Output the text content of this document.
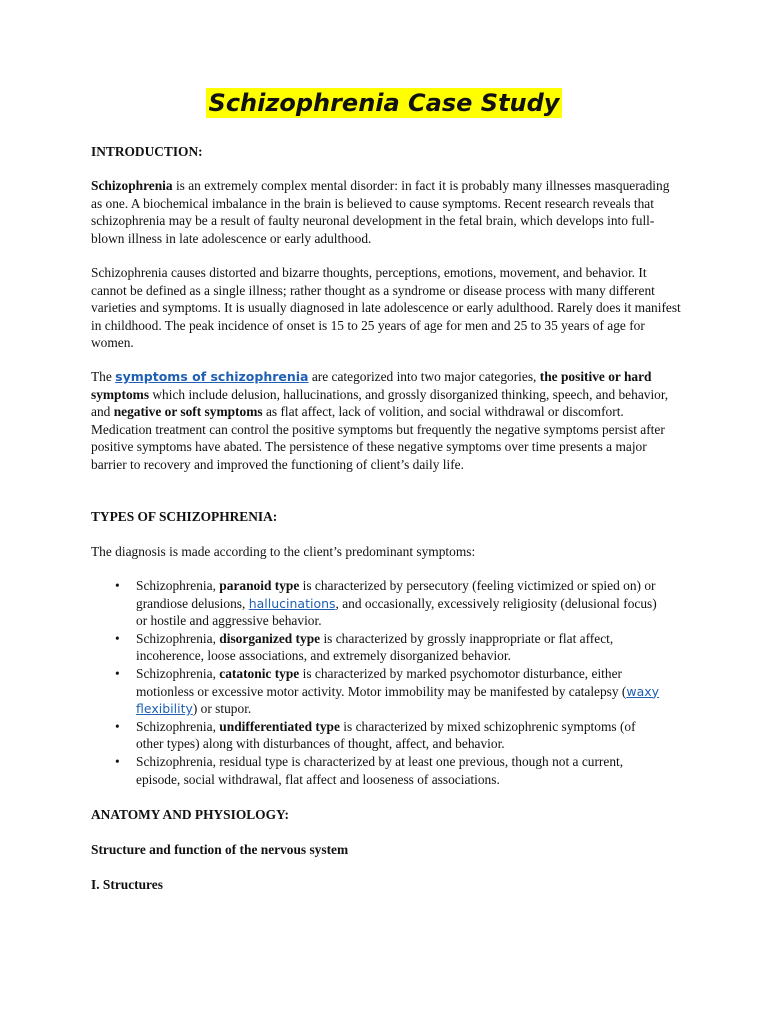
Schizophrenia Case Study
INTRODUCTION:

Schizophrenia is an extremely complex mental disorder: in fact it is probably many illnesses masquerading as one. A biochemical imbalance in the brain is believed to cause symptoms. Recent research reveals that schizophrenia may be a result of faulty neuronal development in the fetal brain, which develops into full-blown illness in late adolescence or early adulthood.

Schizophrenia causes distorted and bizarre thoughts, perceptions, emotions, movement, and behavior. It cannot be defined as a single illness; rather thought as a syndrome or disease process with many different varieties and symptoms. It is usually diagnosed in late adolescence or early adulthood. Rarely does it manifest in childhood. The peak incidence of onset is 15 to 25 years of age for men and 25 to 35 years of age for women.

The symptoms of schizophrenia are categorized into two major categories, the positive or hard symptoms which include delusion, hallucinations, and grossly disorganized thinking, speech, and behavior, and negative or soft symptoms as flat affect, lack of volition, and social withdrawal or discomfort. Medication treatment can control the positive symptoms but frequently the negative symptoms persist after positive symptoms have abated. The persistence of these negative symptoms over time presents a major barrier to recovery and improved the functioning of client’s daily life.

TYPES OF SCHIZOPHRENIA:

The diagnosis is made according to the client’s predominant symptoms:

• Schizophrenia, paranoid type is characterized by persecutory (feeling victimized or spied on) or grandiose delusions, hallucinations, and occasionally, excessively religiosity (delusional focus) or hostile and aggressive behavior.
• Schizophrenia, disorganized type is characterized by grossly inappropriate or flat affect, incoherence, loose associations, and extremely disorganized behavior.
• Schizophrenia, catatonic type is characterized by marked psychomotor disturbance, either motionless or excessive motor activity. Motor immobility may be manifested by catalepsy (waxy flexibility) or stupor.
• Schizophrenia, undifferentiated type is characterized by mixed schizophrenic symptoms (of other types) along with disturbances of thought, affect, and behavior.
• Schizophrenia, residual type is characterized by at least one previous, though not a current, episode, social withdrawal, flat affect and looseness of associations.
ANATOMY AND PHYSIOLOGY:
Structure and function of the nervous system
I. Structures
